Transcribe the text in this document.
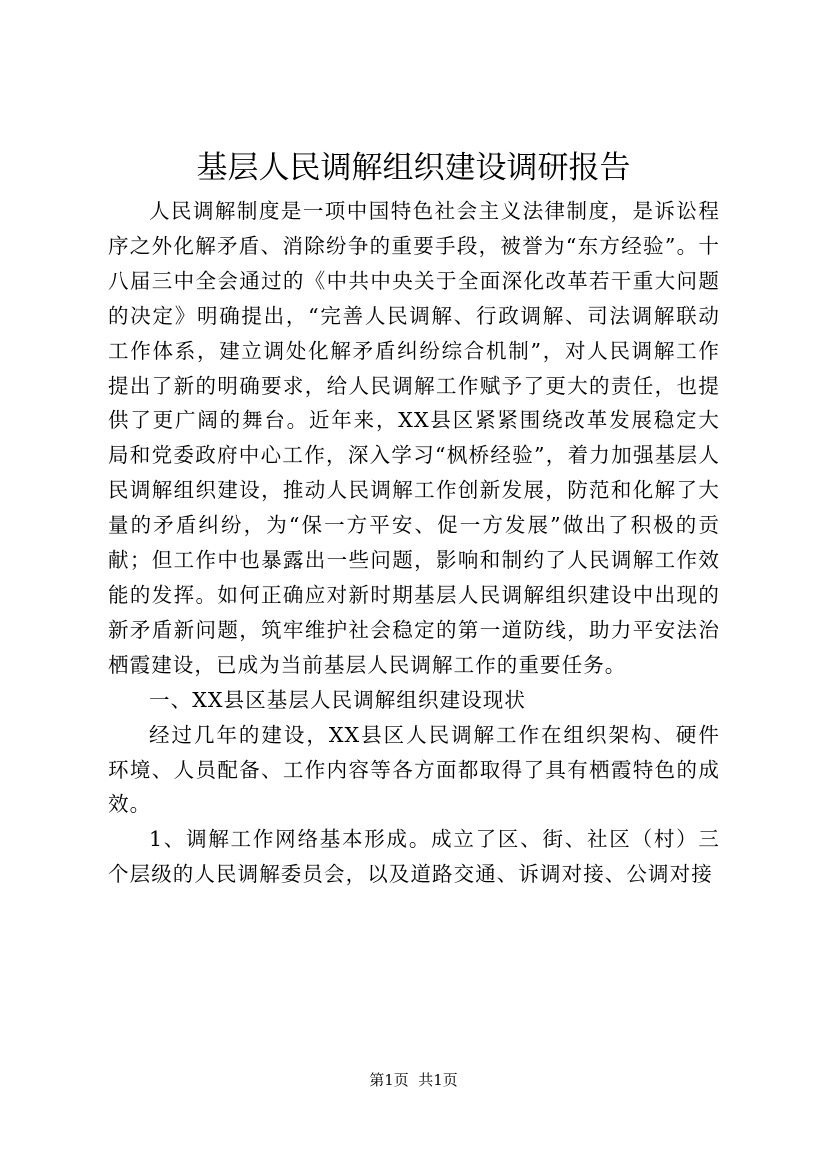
基层人民调解组织建设调研报告

人民调解制度是一项中国特色社会主义法律制度，是诉讼程序之外化解矛盾、消除纷争的重要手段，被誉为“东方经验”。十八届三中全会通过的《中共中央关于全面深化改革若干重大问题的决定》明确提出，“完善人民调解、行政调解、司法调解联动工作体系，建立调处化解矛盾纠纷综合机制”，对人民调解工作提出了新的明确要求，给人民调解工作赋予了更大的责任，也提供了更广阔的舞台。近年来，XX县区紧紧围绕改革发展稳定大局和党委政府中心工作，深入学习“枫桥经验”，着力加强基层人民调解组织建设，推动人民调解工作创新发展，防范和化解了大量的矛盾纠纷，为“保一方平安、促一方发展”做出了积极的贡献；但工作中也暴露出一些问题，影响和制约了人民调解工作效能的发挥。如何正确应对新时期基层人民调解组织建设中出现的新矛盾新问题，筑牢维护社会稳定的第一道防线，助力平安法治栖霞建设，已成为当前基层人民调解工作的重要任务。

一、XX县区基层人民调解组织建设现状

经过几年的建设，XX县区人民调解工作在组织架构、硬件环境、人员配备、工作内容等各方面都取得了具有栖霞特色的成效。

1、调解工作网络基本形成。成立了区、街、社区（村）三个层级的人民调解委员会，以及道路交通、诉调对接、公调对接

第1页  共1页
